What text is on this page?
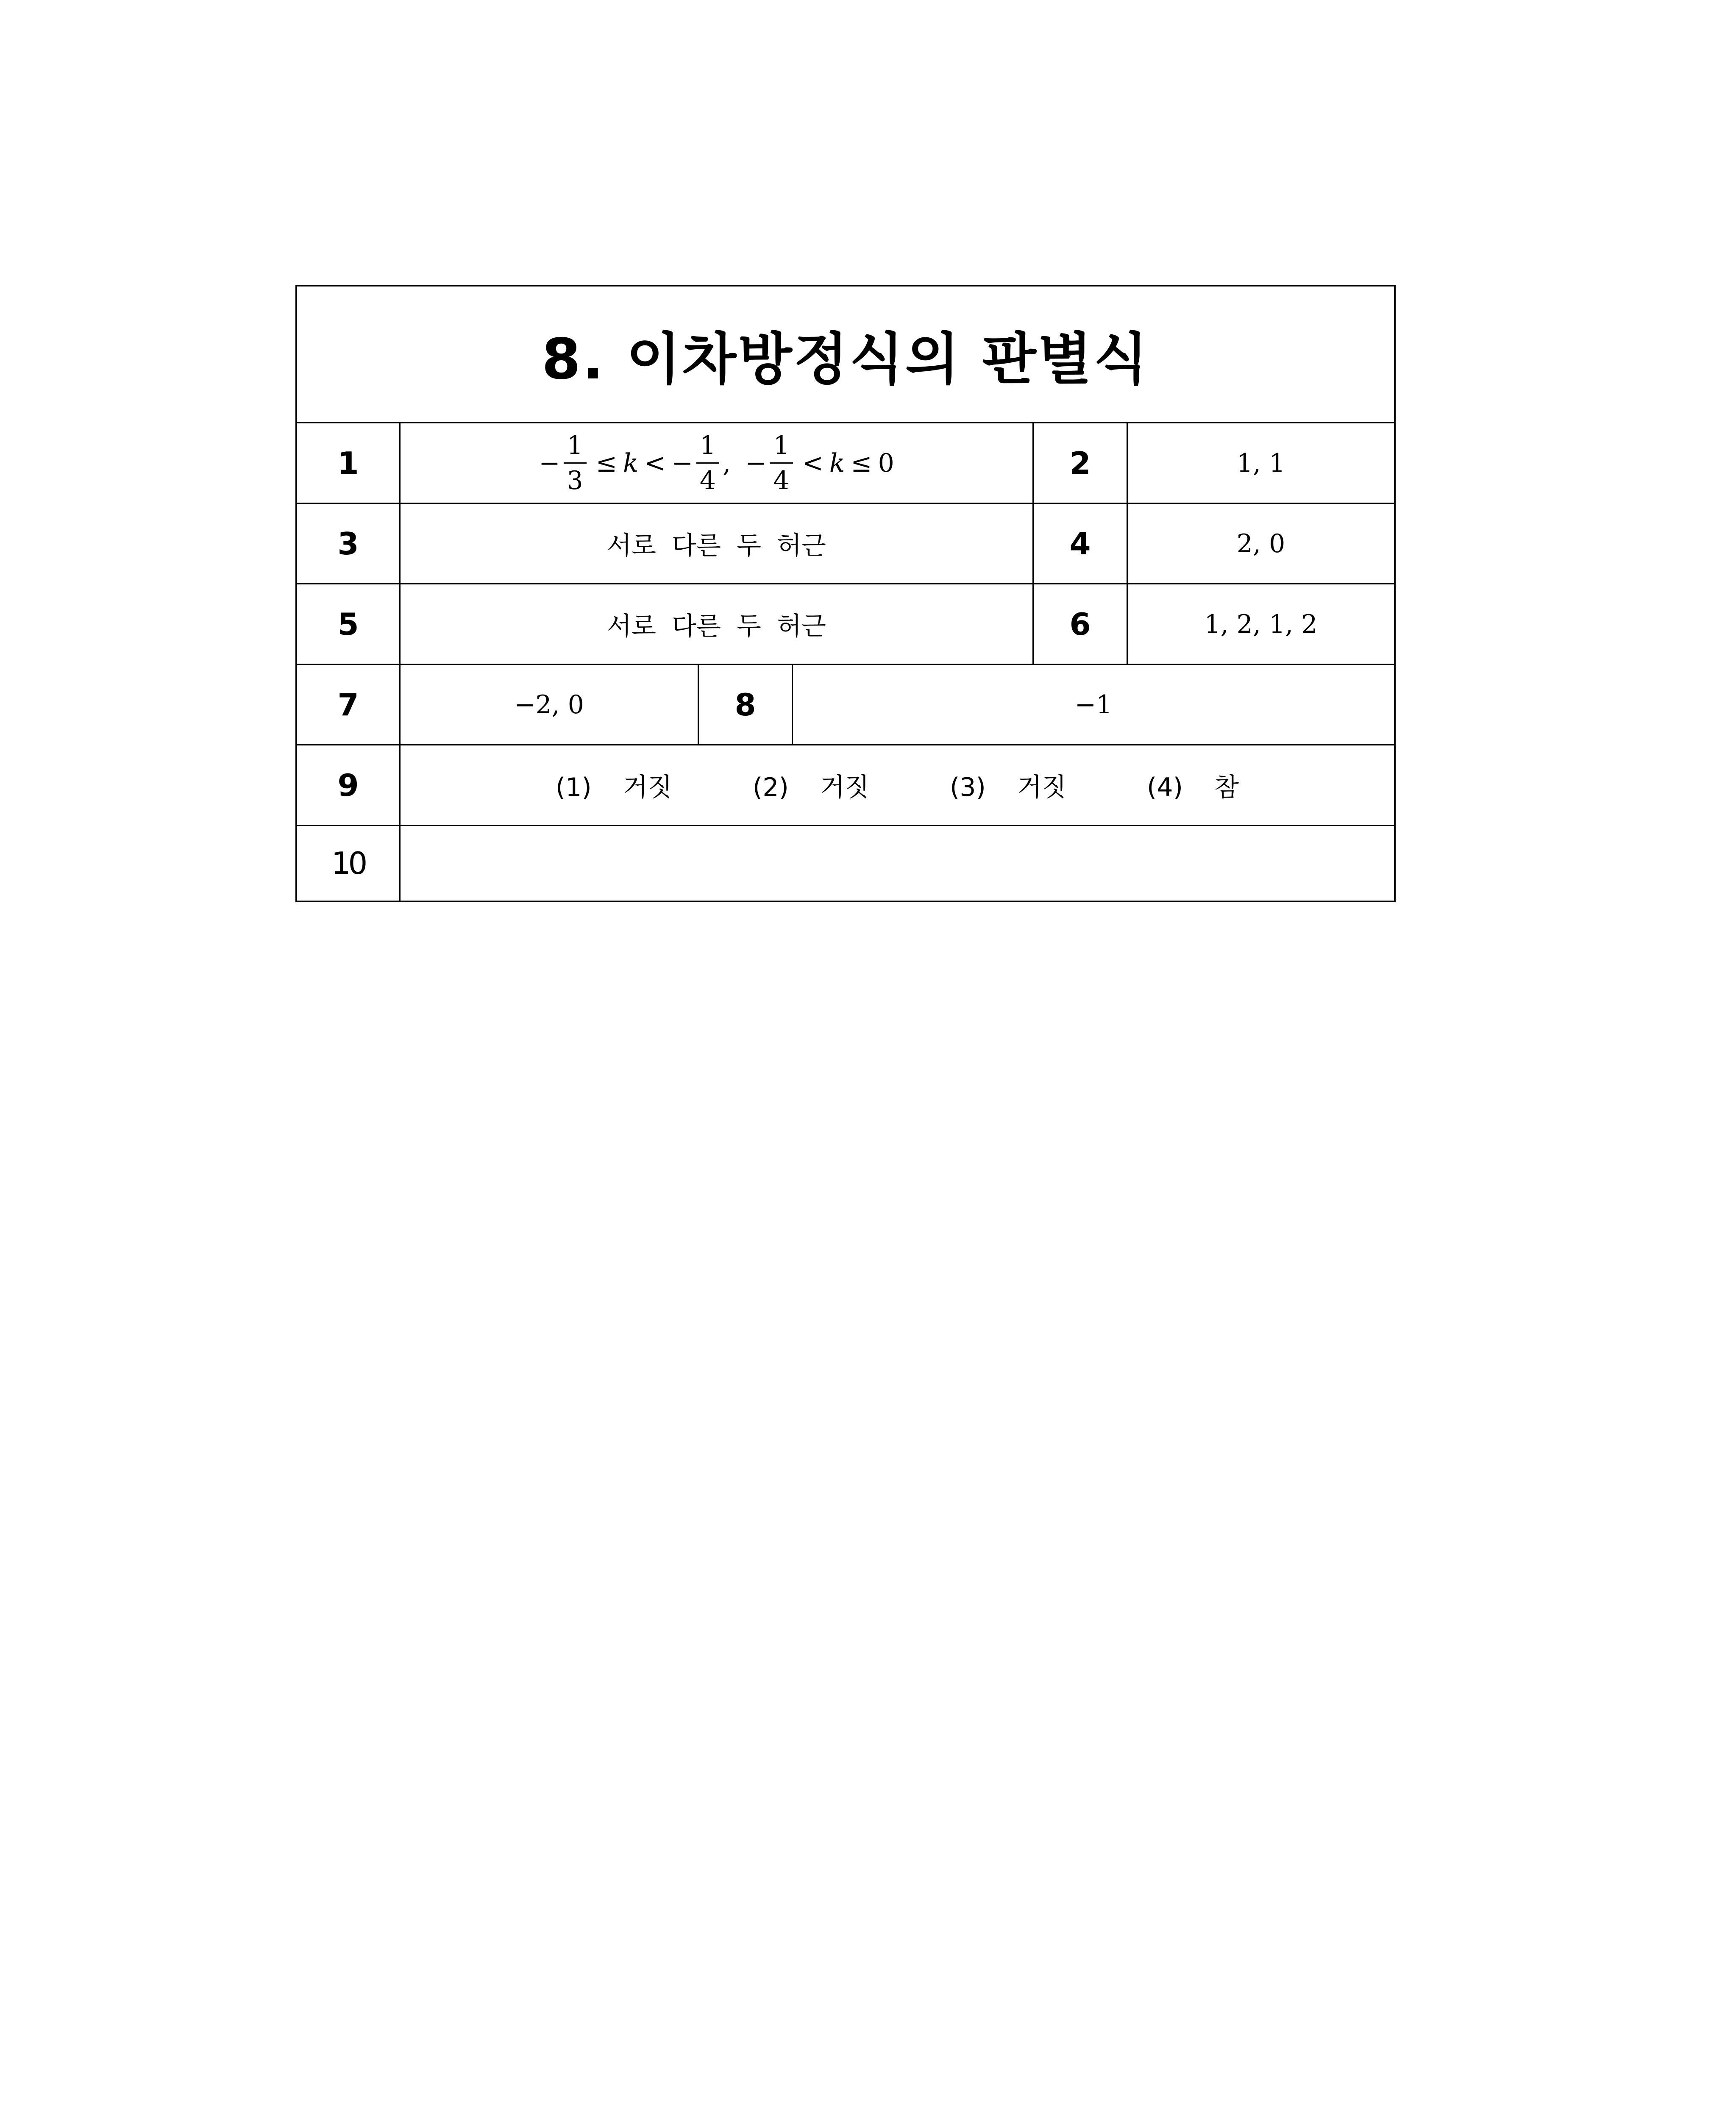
8. 이차방정식의 판별식
1	− $\frac{1}{3} \le k$ < − $\frac{1}{4}$ , − $\frac{1}{4} < k \le 0$	2	1, 1
3	서로 다른 두 허근	4	2, 0
5	서로 다른 두 허근	6	1, 2, 1, 2
7	−2, 0	8	−1
9	(1)  거짓	(2)  거짓	(3)  거짓	(4)  참
10
